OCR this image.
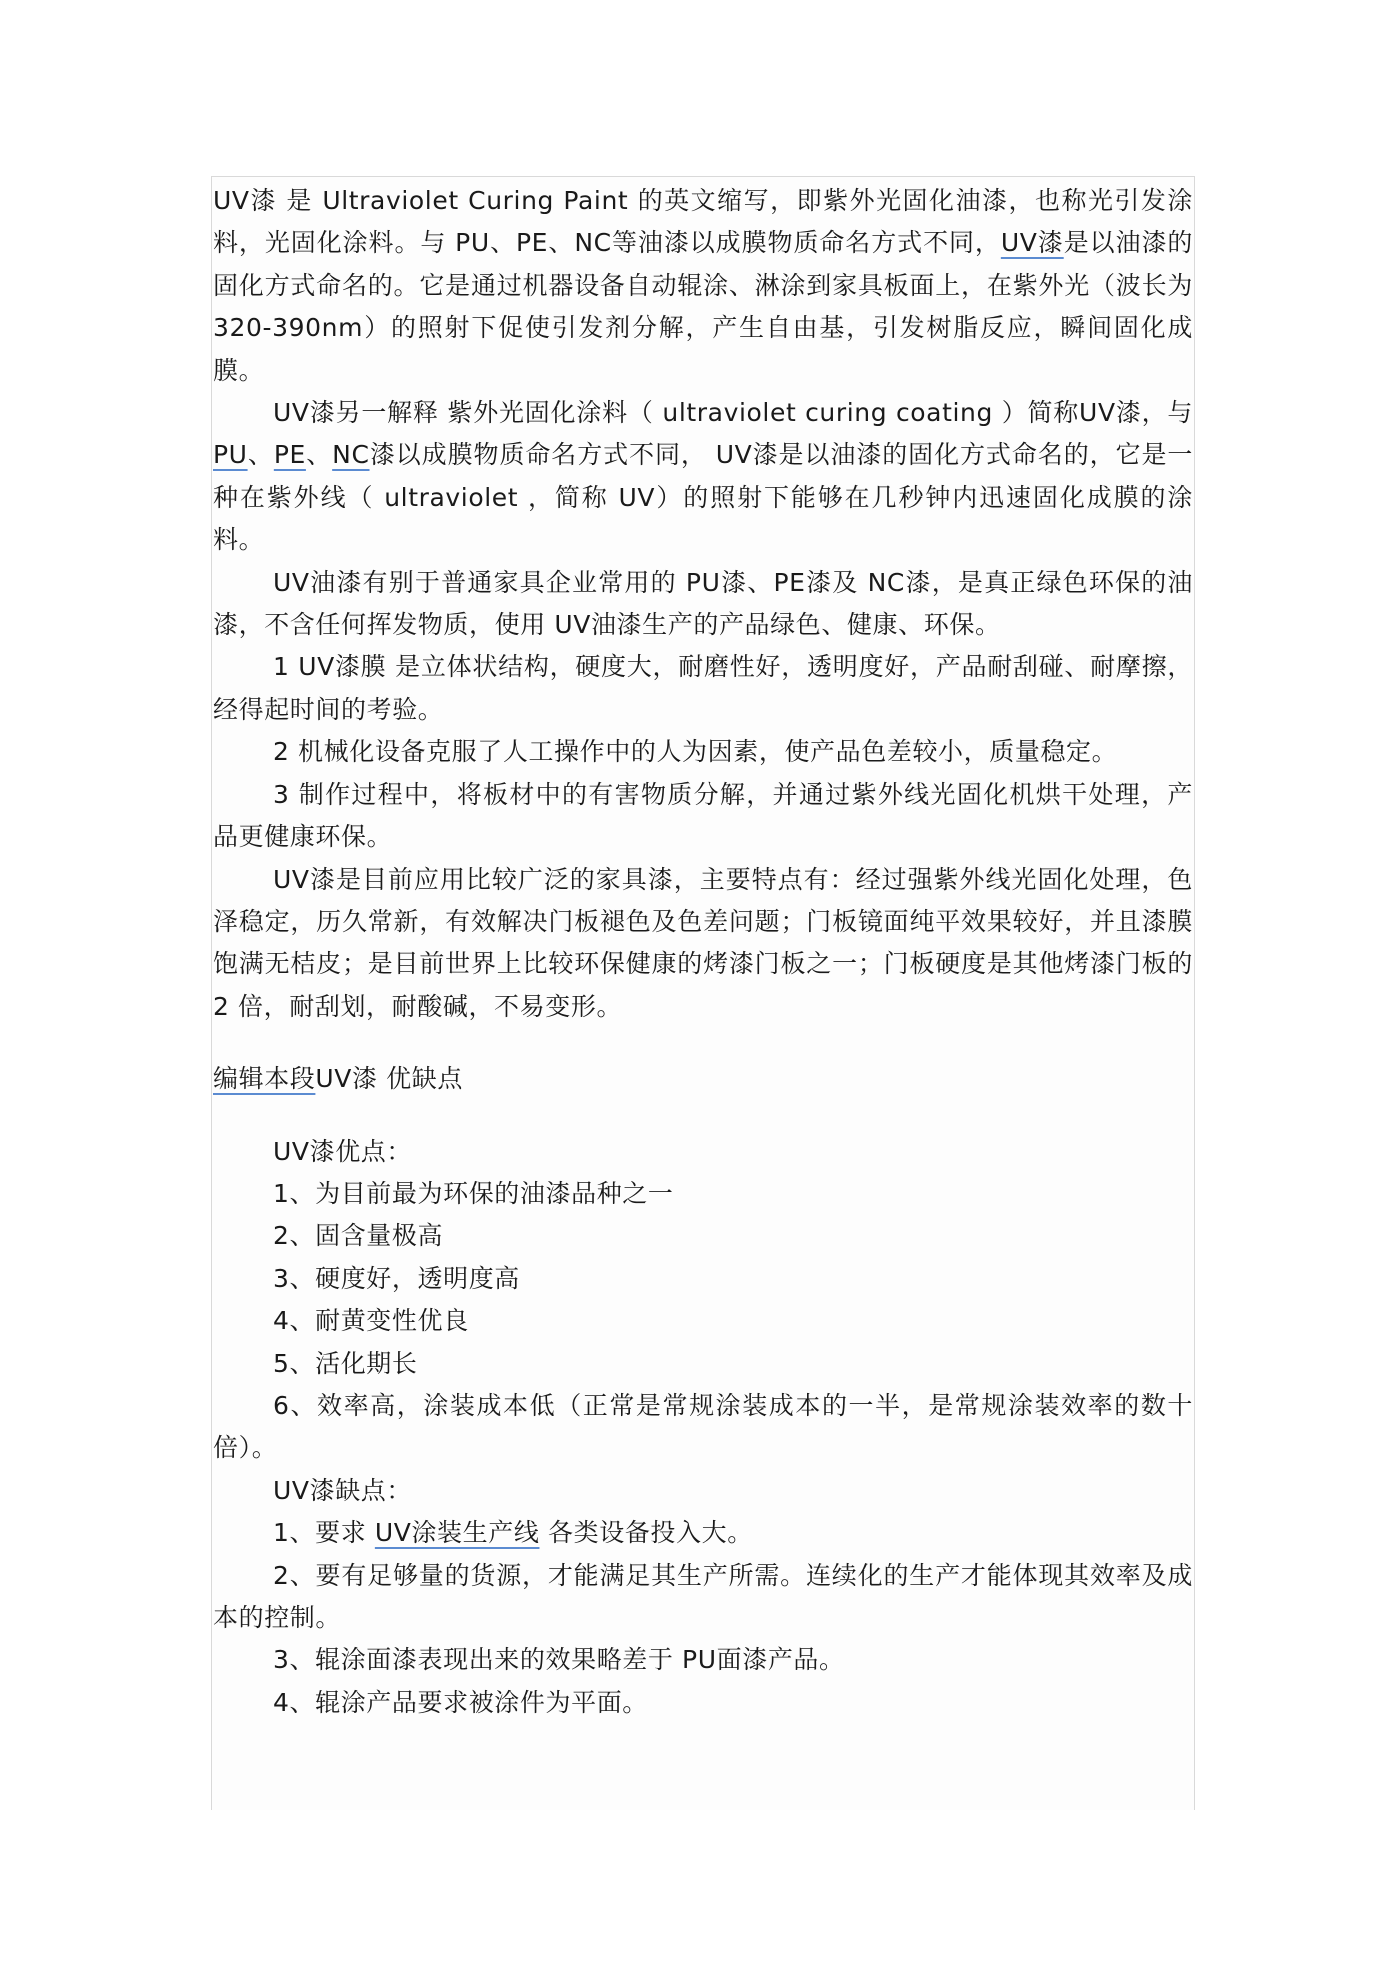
UV漆 是 Ultraviolet Curing Paint 的英文缩写，即紫外光固化油漆，也称光引发涂料，光固化涂料。与 PU、PE、NC等油漆以成膜物质命名方式不同，UV漆是以油漆的固化方式命名的。它是通过机器设备自动辊涂、淋涂到家具板面上，在紫外光（波长为 320-390nm）的照射下促使引发剂分解，产生自由基，引发树脂反应，瞬间固化成膜。

UV漆另一解释 紫外光固化涂料（ ultraviolet curing coating ）简称UV漆，与 PU、PE、NC漆以成膜物质命名方式不同， UV漆是以油漆的固化方式命名的，它是一种在紫外线（ ultraviolet ，简称 UV）的照射下能够在几秒钟内迅速固化成膜的涂料。

UV油漆有别于普通家具企业常用的 PU漆、PE漆及 NC漆，是真正绿色环保的油漆，不含任何挥发物质，使用 UV油漆生产的产品绿色、健康、环保。

1 UV漆膜 是立体状结构，硬度大，耐磨性好，透明度好，产品耐刮碰、耐摩擦，经得起时间的考验。

2 机械化设备克服了人工操作中的人为因素，使产品色差较小，质量稳定。

3 制作过程中，将板材中的有害物质分解，并通过紫外线光固化机烘干处理，产品更健康环保。

UV漆是目前应用比较广泛的家具漆，主要特点有：经过强紫外线光固化处理，色泽稳定，历久常新，有效解决门板褪色及色差问题；门板镜面纯平效果较好，并且漆膜饱满无桔皮；是目前世界上比较环保健康的烤漆门板之一；门板硬度是其他烤漆门板的 2 倍，耐刮划，耐酸碱，不易变形。

编辑本段UV漆 优缺点

UV漆优点：

1、为目前最为环保的油漆品种之一

2、固含量极高

3、硬度好，透明度高

4、耐黄变性优良

5、活化期长

6、效率高，涂装成本低（正常是常规涂装成本的一半，是常规涂装效率的数十倍）。

UV漆缺点：

1、要求 UV涂装生产线 各类设备投入大。

2、要有足够量的货源，才能满足其生产所需。连续化的生产才能体现其效率及成本的控制。

3、辊涂面漆表现出来的效果略差于 PU面漆产品。

4、辊涂产品要求被涂件为平面。
